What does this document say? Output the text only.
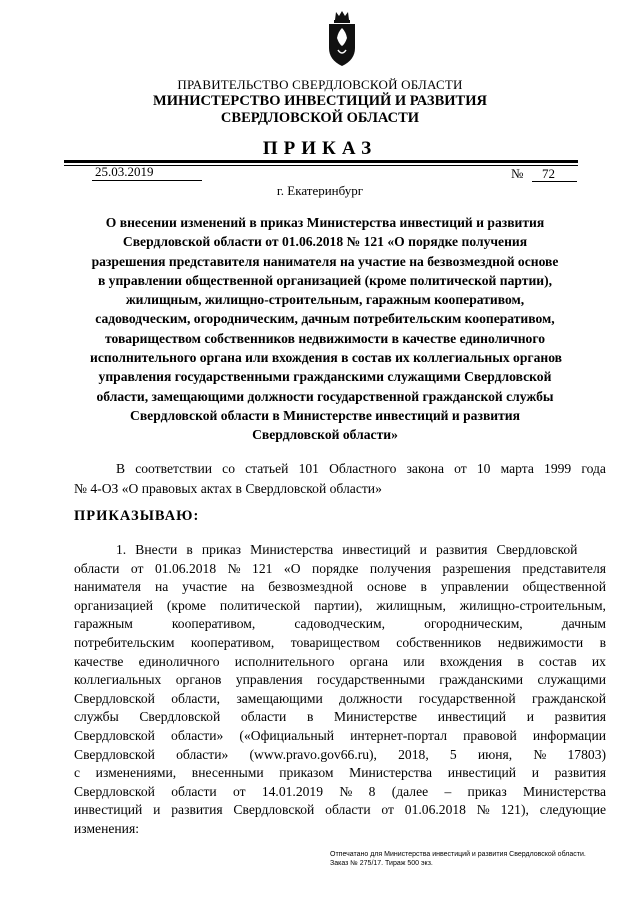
ПРАВИТЕЛЬСТВО СВЕРДЛОВСКОЙ ОБЛАСТИ
МИНИСТЕРСТВО ИНВЕСТИЦИЙ И РАЗВИТИЯ
СВЕРДЛОВСКОЙ ОБЛАСТИ
ПРИКАЗ
25.03.2019	№ 72
г. Екатеринбург
О внесении изменений в приказ Министерства инвестиций и развития
Свердловской области от 01.06.2018 № 121 «О порядке получения
разрешения представителя нанимателя на участие на безвозмездной основе
в управлении общественной организацией (кроме политической партии),
жилищным, жилищно-строительным, гаражным кооперативом,
садоводческим, огородническим, дачным потребительским кооперативом,
товариществом собственников недвижимости в качестве единоличного
исполнительного органа или вхождения в состав их коллегиальных органов
управления государственными гражданскими служащими Свердловской
области, замещающими должности государственной гражданской службы
Свердловской области в Министерстве инвестиций и развития
Свердловской области»
В соответствии со статьей 101 Областного закона от 10 марта 1999 года
№ 4-ОЗ «О правовых актах в Свердловской области»
ПРИКАЗЫВАЮ:
1. Внести в приказ Министерства инвестиций и развития Свердловской
области от 01.06.2018 № 121 «О порядке получения разрешения представителя
нанимателя на участие на безвозмездной основе в управлении общественной
организацией (кроме политической партии), жилищным, жилищно-строительным,
гаражным кооперативом, садоводческим, огородническим, дачным
потребительским кооперативом, товариществом собственников недвижимости в
качестве единоличного исполнительного органа или вхождения в состав их
коллегиальных органов управления государственными гражданскими служащими
Свердловской области, замещающими должности государственной гражданской
службы Свердловской области в Министерстве инвестиций и развития
Свердловской области» («Официальный интернет-портал правовой информации
Свердловской области» (www.pravo.gov66.ru), 2018, 5 июня, № 17803)
с изменениями, внесенными приказом Министерства инвестиций и развития
Свердловской области от 14.01.2019 № 8 (далее – приказ Министерства
инвестиций и развития Свердловской области от 01.06.2018 № 121), следующие
изменения:
Отпечатано для Министерства инвестиций и развития Свердловской области.
Заказ № 275/17. Тираж 500 экз.
